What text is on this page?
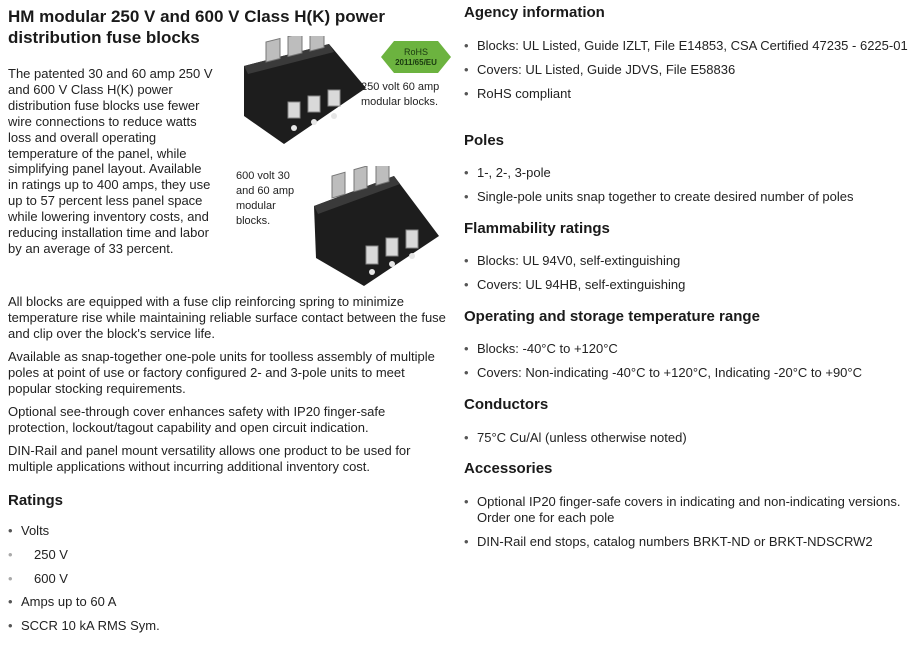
HM modular 250 V and 600 V Class H(K) power distribution fuse blocks

The patented 30 and 60 amp 250 V and 600 V Class H(K) power distribution fuse blocks use fewer wire connections to reduce watts loss and overall operating temperature of the panel, while simplifying panel layout. Available in ratings up to 400 amps, they use up to 57 percent less panel space while lowering inventory costs, and reducing installation time and labor by an average of 33 percent.

RoHS
2011/65/EU
250 volt 60 amp modular blocks.
600 volt 30 and 60 amp modular blocks.

All blocks are equipped with a fuse clip reinforcing spring to minimize temperature rise while maintaining reliable surface contact between the fuse and clip over the block's service life.

Available as snap-together one-pole units for toolless assembly of multiple poles at point of use or factory configured 2- and 3-pole units to meet popular stocking requirements.

Optional see-through cover enhances safety with IP20 finger-safe protection, lockout/tagout capability and open circuit indication.

DIN-Rail and panel mount versatility allows one product to be used for multiple applications without incurring additional inventory cost.

Ratings
• Volts
• 250 V
• 600 V
• Amps up to 60 A
• SCCR 10 kA RMS Sym.
Agency information
• Blocks: UL Listed, Guide IZLT, File E14853, CSA Certified 47235 - 6225-01
• Covers: UL Listed, Guide JDVS, File E58836
• RoHS compliant
Poles
• 1-, 2-, 3-pole
• Single-pole units snap together to create desired number of poles
Flammability ratings
• Blocks: UL 94V0, self-extinguishing
• Covers: UL 94HB, self-extinguishing
Operating and storage temperature range
• Blocks: -40°C to +120°C
• Covers: Non-indicating -40°C to +120°C, Indicating -20°C to +90°C
Conductors
• 75°C Cu/Al (unless otherwise noted)
Accessories
• Optional IP20 finger-safe covers in indicating and non-indicating versions. Order one for each pole
• DIN-Rail end stops, catalog numbers BRKT-ND or BRKT-NDSCRW2
